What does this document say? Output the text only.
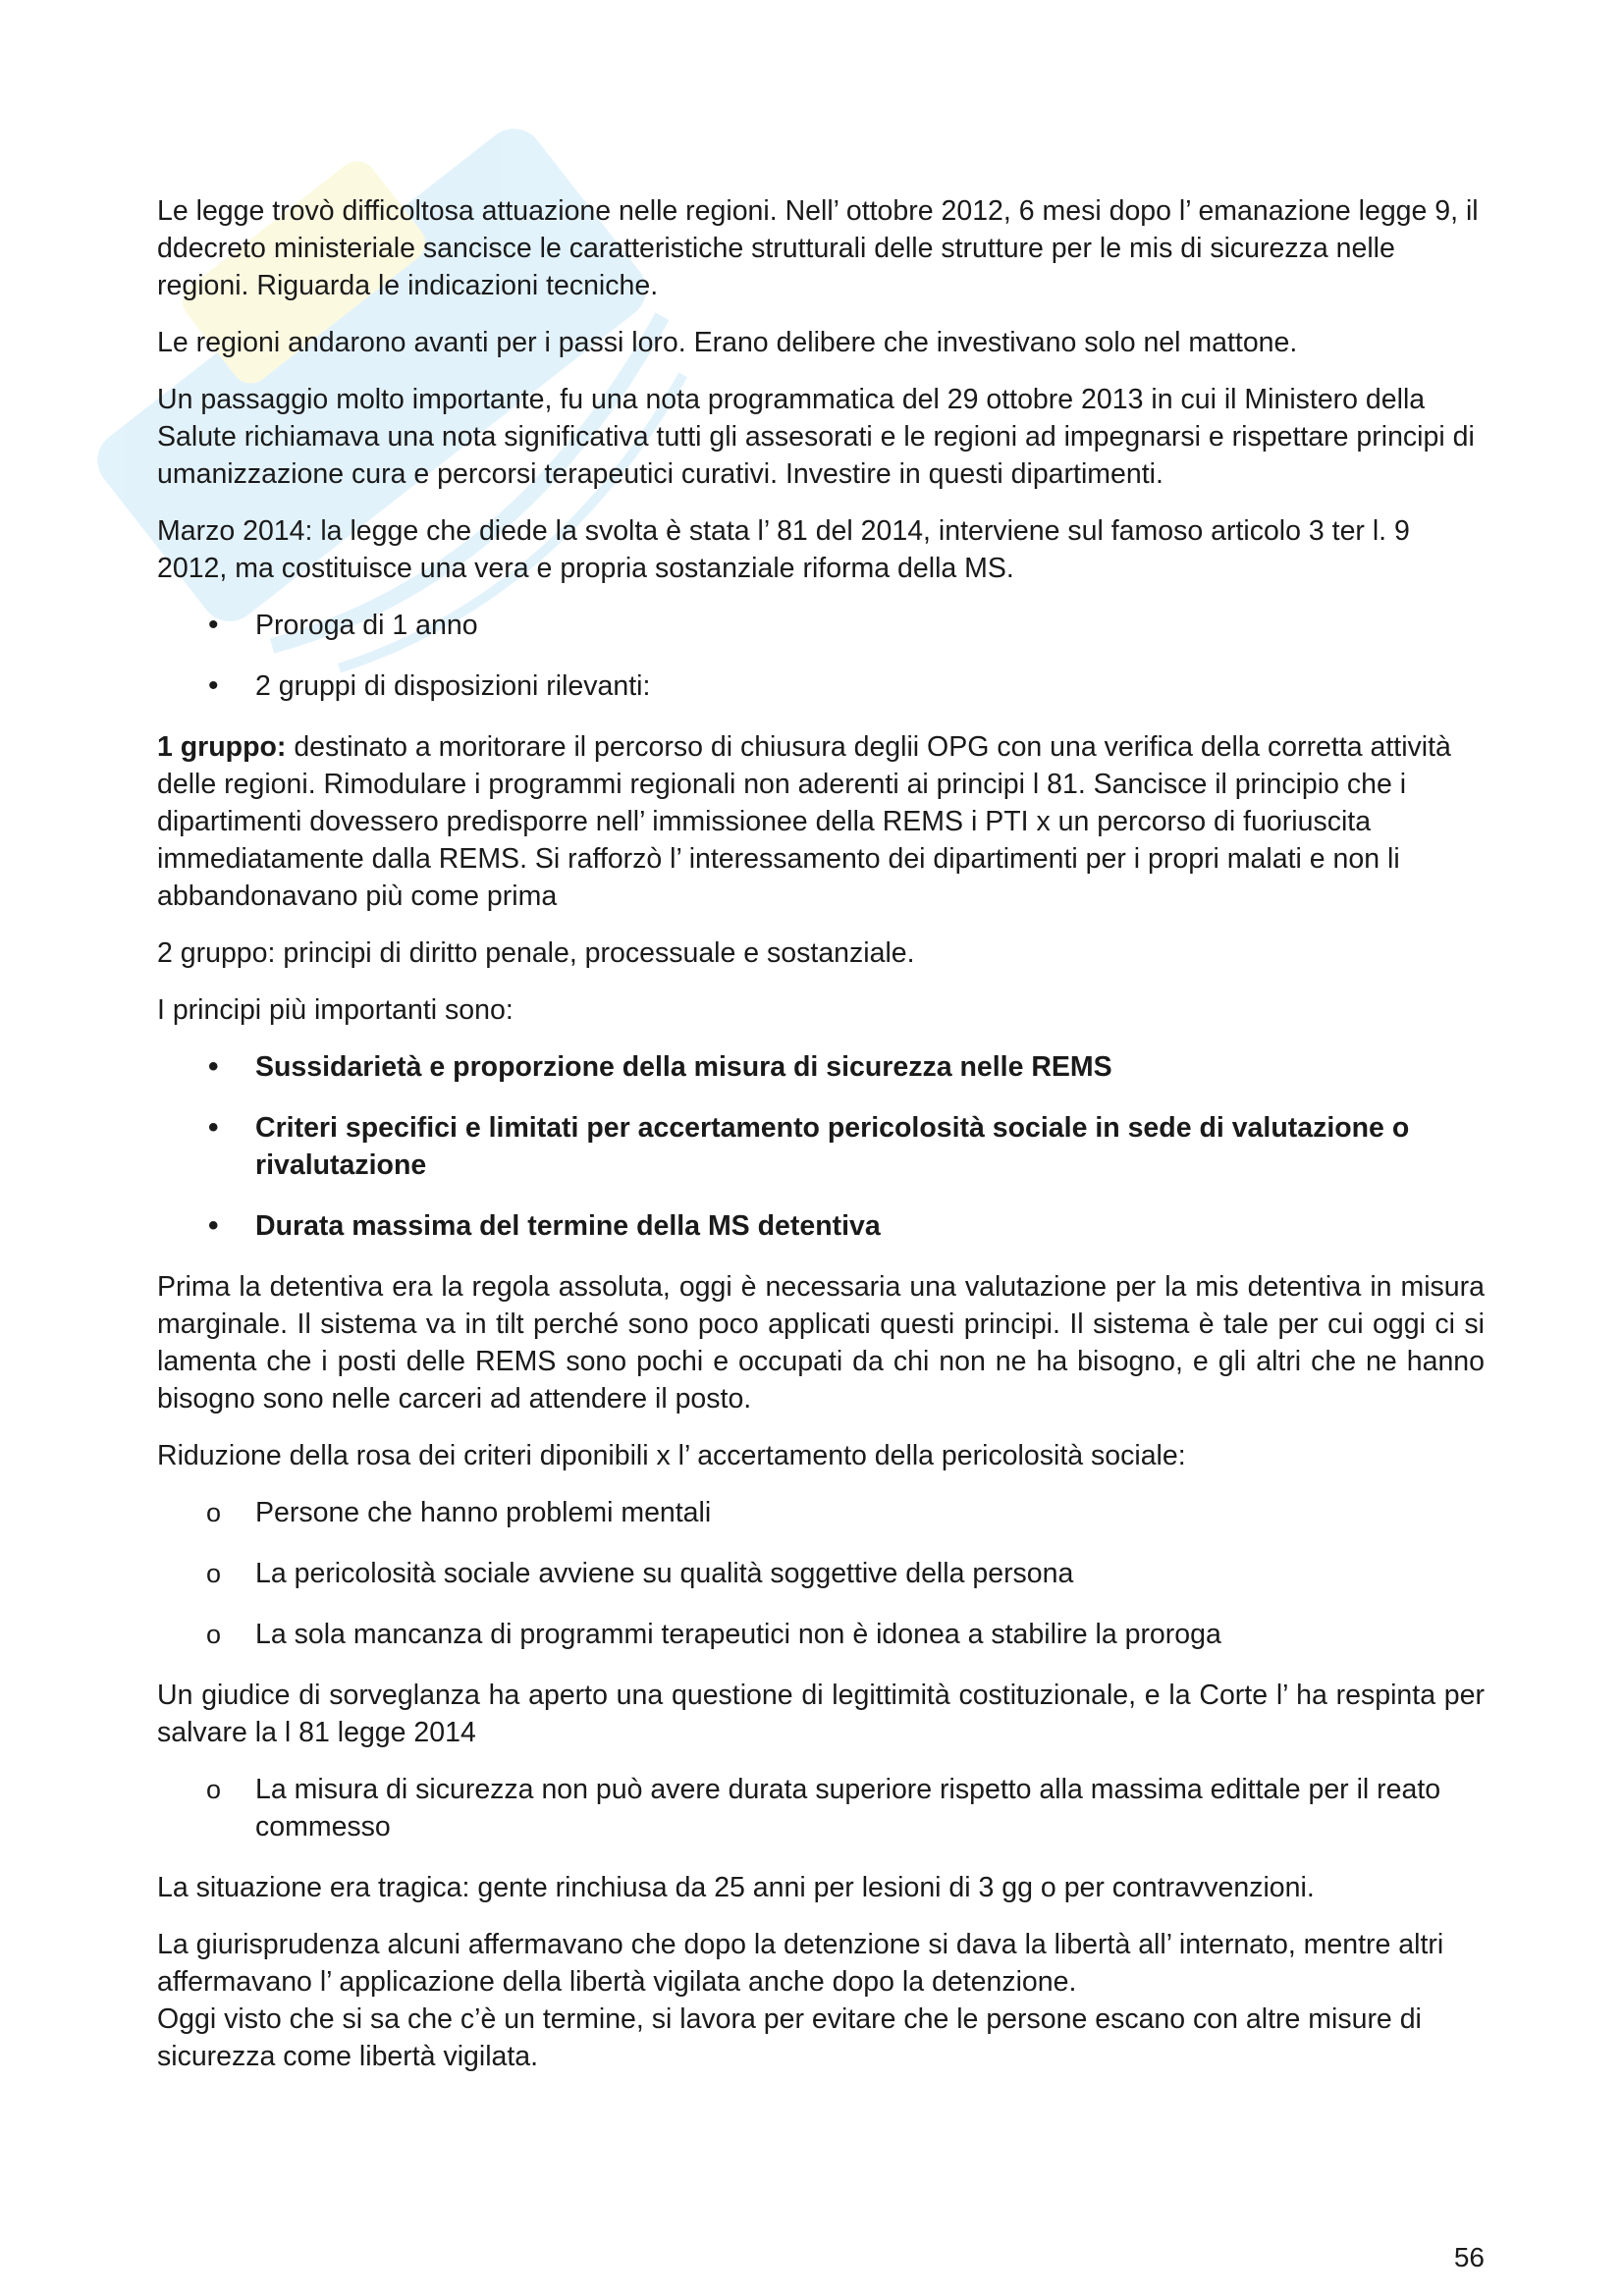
Le legge trovò difficoltosa attuazione nelle regioni. Nell’ ottobre 2012, 6 mesi dopo l’ emanazione legge 9, il ddecreto ministeriale sancisce le caratteristiche strutturali delle strutture per le mis di sicurezza nelle regioni. Riguarda le indicazioni tecniche.

Le regioni andarono avanti per i passi loro. Erano delibere che investivano solo nel mattone.

Un passaggio molto importante, fu una nota programmatica del 29 ottobre 2013 in cui il Ministero della Salute richiamava una nota significativa tutti gli assesorati e le regioni ad impegnarsi e rispettare principi di umanizzazione cura e percorsi terapeutici curativi. Investire in questi dipartimenti.

Marzo 2014: la legge che diede la svolta è stata l’ 81 del 2014, interviene sul famoso articolo 3 ter l. 9 2012, ma costituisce una vera e propria sostanziale riforma della MS.

• Proroga di 1 anno
• 2 gruppi di disposizioni rilevanti:

1 gruppo: destinato a moritorare il percorso di chiusura deglii OPG con una verifica della corretta attività delle regioni. Rimodulare i programmi regionali non aderenti ai principi l 81. Sancisce il principio che i dipartimenti dovessero predisporre nell’ immissionee della REMS i PTI x un percorso di fuoriuscita immediatamente dalla REMS. Si rafforzò l’ interessamento dei dipartimenti per i propri malati e non li abbandonavano più come prima

2 gruppo: principi di diritto penale, processuale e sostanziale.

I principi più importanti sono:

• Sussidarietà e proporzione della misura di sicurezza nelle REMS
• Criteri specifici e limitati per accertamento pericolosità sociale in sede di valutazione o rivalutazione
• Durata massima del termine della MS detentiva

Prima la detentiva era la regola assoluta, oggi è necessaria una valutazione per la mis detentiva in misura marginale. Il sistema va in tilt perché sono poco applicati questi principi. Il sistema è tale per cui oggi ci si lamenta che i posti delle REMS sono pochi e occupati da chi non ne ha bisogno, e gli altri che ne hanno bisogno sono nelle carceri ad attendere il posto.

Riduzione della rosa dei criteri diponibili x l’ accertamento della pericolosità sociale:

o Persone che hanno problemi mentali
o La pericolosità sociale avviene su qualità soggettive della persona
o La sola mancanza di programmi terapeutici non è idonea a stabilire la proroga

Un giudice di sorveglanza ha aperto una questione di legittimità costituzionale, e la Corte l’ ha respinta per salvare la l 81 legge 2014

o La misura di sicurezza non può avere durata superiore rispetto alla massima edittale per il reato commesso

La situazione era tragica: gente rinchiusa da 25 anni per lesioni di 3 gg o per contravvenzioni.

La giurisprudenza alcuni affermavano che dopo la detenzione si dava la libertà all’ internato, mentre altri affermavano l’ applicazione della libertà vigilata anche dopo la detenzione.
Oggi visto che si sa che c’è un termine, si lavora per evitare che le persone escano con altre misure di sicurezza come libertà vigilata.

56
